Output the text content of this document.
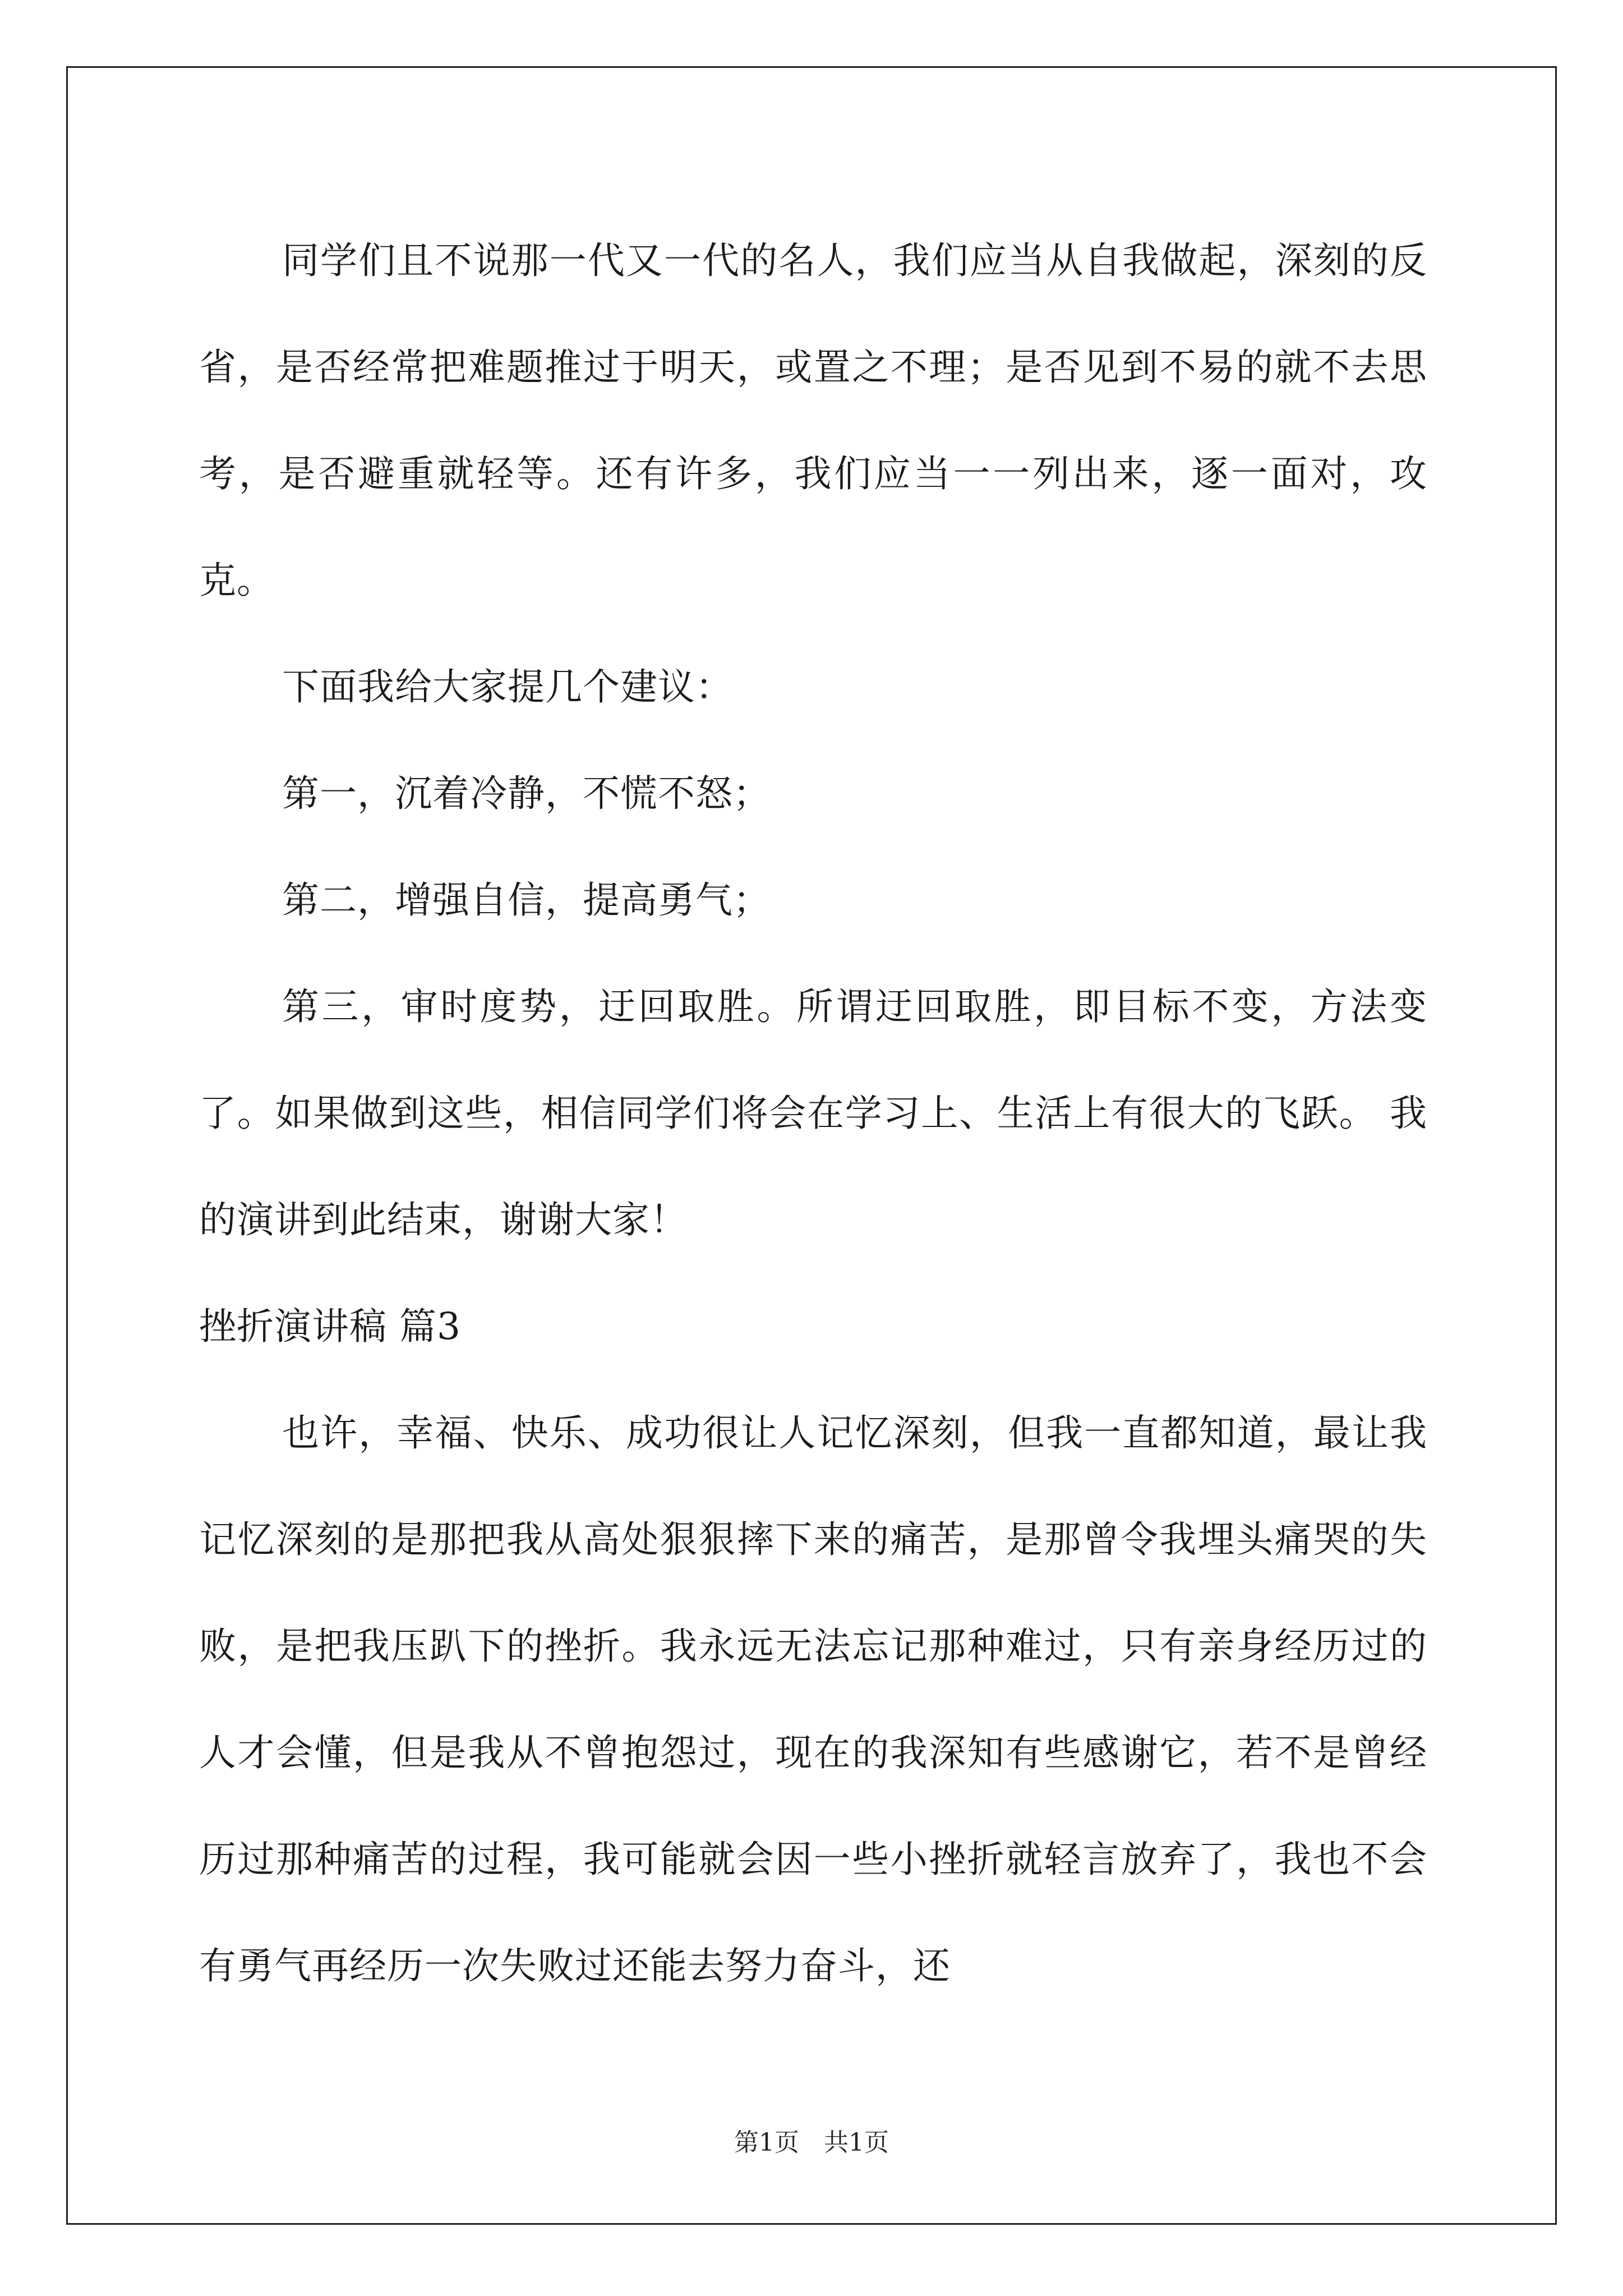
同学们且不说那一代又一代的名人，我们应当从自我做起，深刻的反省，是否经常把难题推过于明天，或置之不理；是否见到不易的就不去思考，是否避重就轻等。还有许多，我们应当一一列出来，逐一面对，攻克。

下面我给大家提几个建议：

第一，沉着冷静，不慌不怒；

第二，增强自信，提高勇气；

第三，审时度势，迂回取胜。所谓迂回取胜，即目标不变，方法变了。如果做到这些，相信同学们将会在学习上、生活上有很大的飞跃。 我的演讲到此结束，谢谢大家！

挫折演讲稿 篇3

也许，幸福、快乐、成功很让人记忆深刻，但我一直都知道，最让我记忆深刻的是那把我从高处狠狠摔下来的痛苦，是那曾令我埋头痛哭的失败，是把我压趴下的挫折。我永远无法忘记那种难过，只有亲身经历过的人才会懂，但是我从不曾抱怨过，现在的我深知有些感谢它，若不是曾经历过那种痛苦的过程，我可能就会因一些小挫折就轻言放弃了，我也不会有勇气再经历一次失败过还能去努力奋斗，还

第1页 共1页
